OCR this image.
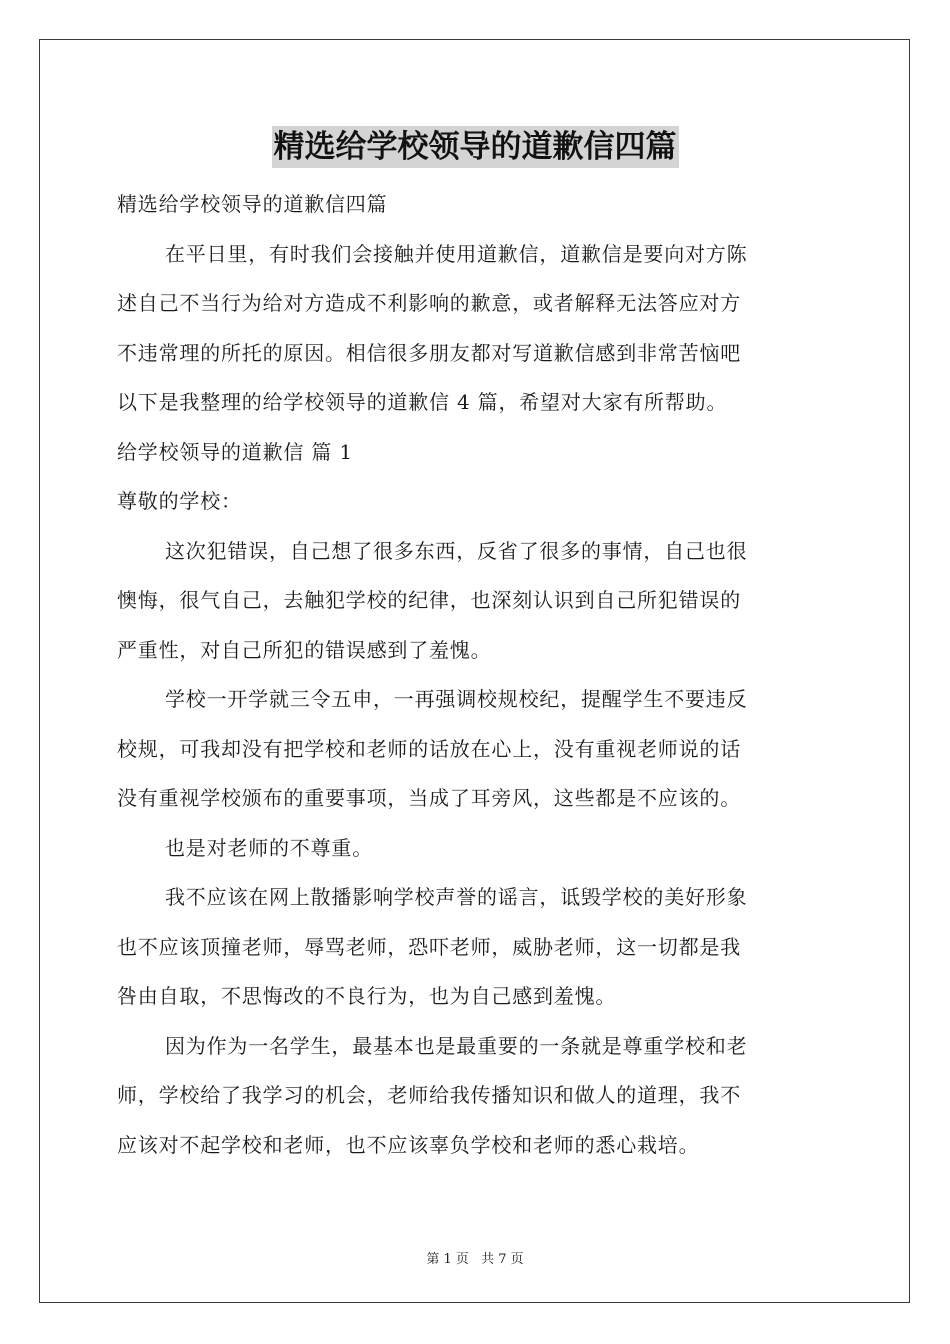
精选给学校领导的道歉信四篇
精选给学校领导的道歉信四篇
在平日里，有时我们会接触并使用道歉信，道歉信是要向对方陈
述自己不当行为给对方造成不利影响的歉意，或者解释无法答应对方
不违常理的所托的原因。相信很多朋友都对写道歉信感到非常苦恼吧
以下是我整理的给学校领导的道歉信 4 篇，希望对大家有所帮助。
给学校领导的道歉信 篇 1
尊敬的学校：
这次犯错误，自己想了很多东西，反省了很多的事情，自己也很
懊悔，很气自己，去触犯学校的纪律，也深刻认识到自己所犯错误的
严重性，对自己所犯的错误感到了羞愧。
学校一开学就三令五申，一再强调校规校纪，提醒学生不要违反
校规，可我却没有把学校和老师的话放在心上，没有重视老师说的话
没有重视学校颁布的重要事项，当成了耳旁风，这些都是不应该的。
也是对老师的不尊重。
我不应该在网上散播影响学校声誉的谣言，诋毁学校的美好形象
也不应该顶撞老师，辱骂老师，恐吓老师，威胁老师，这一切都是我
咎由自取，不思悔改的不良行为，也为自己感到羞愧。
因为作为一名学生，最基本也是最重要的一条就是尊重学校和老
师，学校给了我学习的机会，老师给我传播知识和做人的道理，我不
应该对不起学校和老师，也不应该辜负学校和老师的悉心栽培。
第 1 页 共 7 页
